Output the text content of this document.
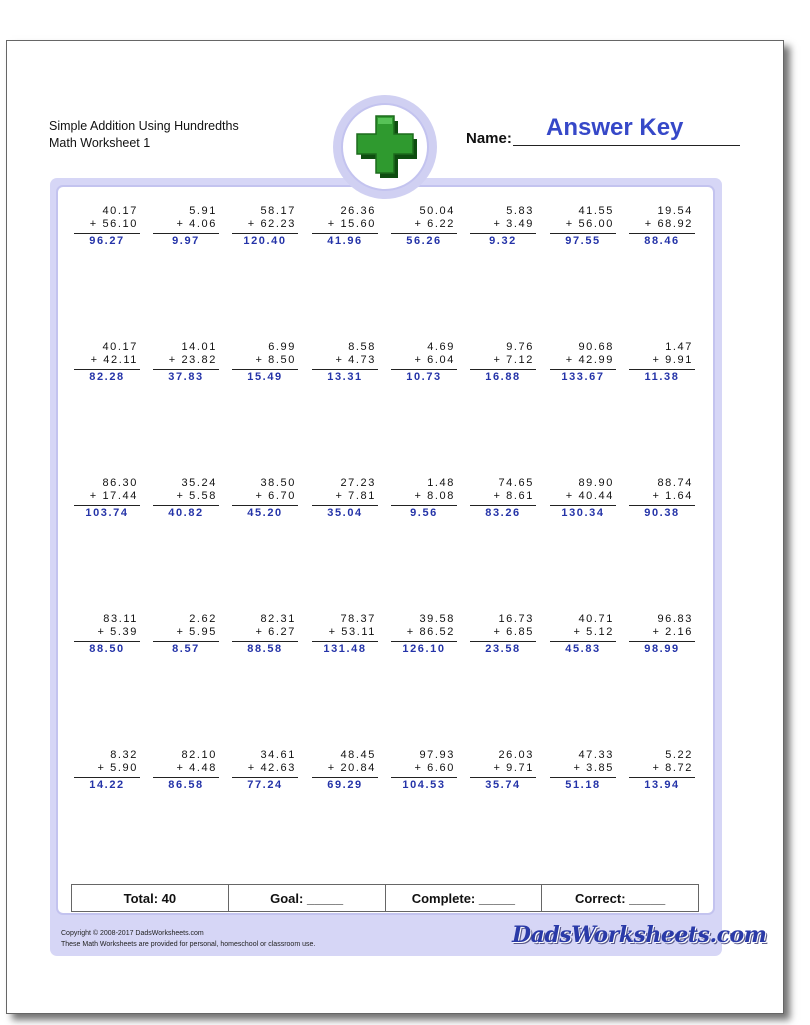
Simple Addition Using Hundredths
Math Worksheet 1	Name: Answer Key
40.17
+ 56.10
96.27
5.91
+ 4.06
9.97
58.17
+ 62.23
120.40
26.36
+ 15.60
41.96
50.04
+ 6.22
56.26
5.83
+ 3.49
9.32
41.55
+ 56.00
97.55
19.54
+ 68.92
88.46
40.17
+ 42.11
82.28
14.01
+ 23.82
37.83
6.99
+ 8.50
15.49
8.58
+ 4.73
13.31
4.69
+ 6.04
10.73
9.76
+ 7.12
16.88
90.68
+ 42.99
133.67
1.47
+ 9.91
11.38
86.30
+ 17.44
103.74
35.24
+ 5.58
40.82
38.50
+ 6.70
45.20
27.23
+ 7.81
35.04
1.48
+ 8.08
9.56
74.65
+ 8.61
83.26
89.90
+ 40.44
130.34
88.74
+ 1.64
90.38
83.11
+ 5.39
88.50
2.62
+ 5.95
8.57
82.31
+ 6.27
88.58
78.37
+ 53.11
131.48
39.58
+ 86.52
126.10
16.73
+ 6.85
23.58
40.71
+ 5.12
45.83
96.83
+ 2.16
98.99
8.32
+ 5.90
14.22
82.10
+ 4.48
86.58
34.61
+ 42.63
77.24
48.45
+ 20.84
69.29
97.93
+ 6.60
104.53
26.03
+ 9.71
35.74
47.33
+ 3.85
51.18
5.22
+ 8.72
13.94
Total: 40	Goal: _____	Complete: _____	Correct: _____
Copyright © 2008-2017 DadsWorksheets.com
These Math Worksheets are provided for personal, homeschool or classroom use.	DadsWorksheets.com
